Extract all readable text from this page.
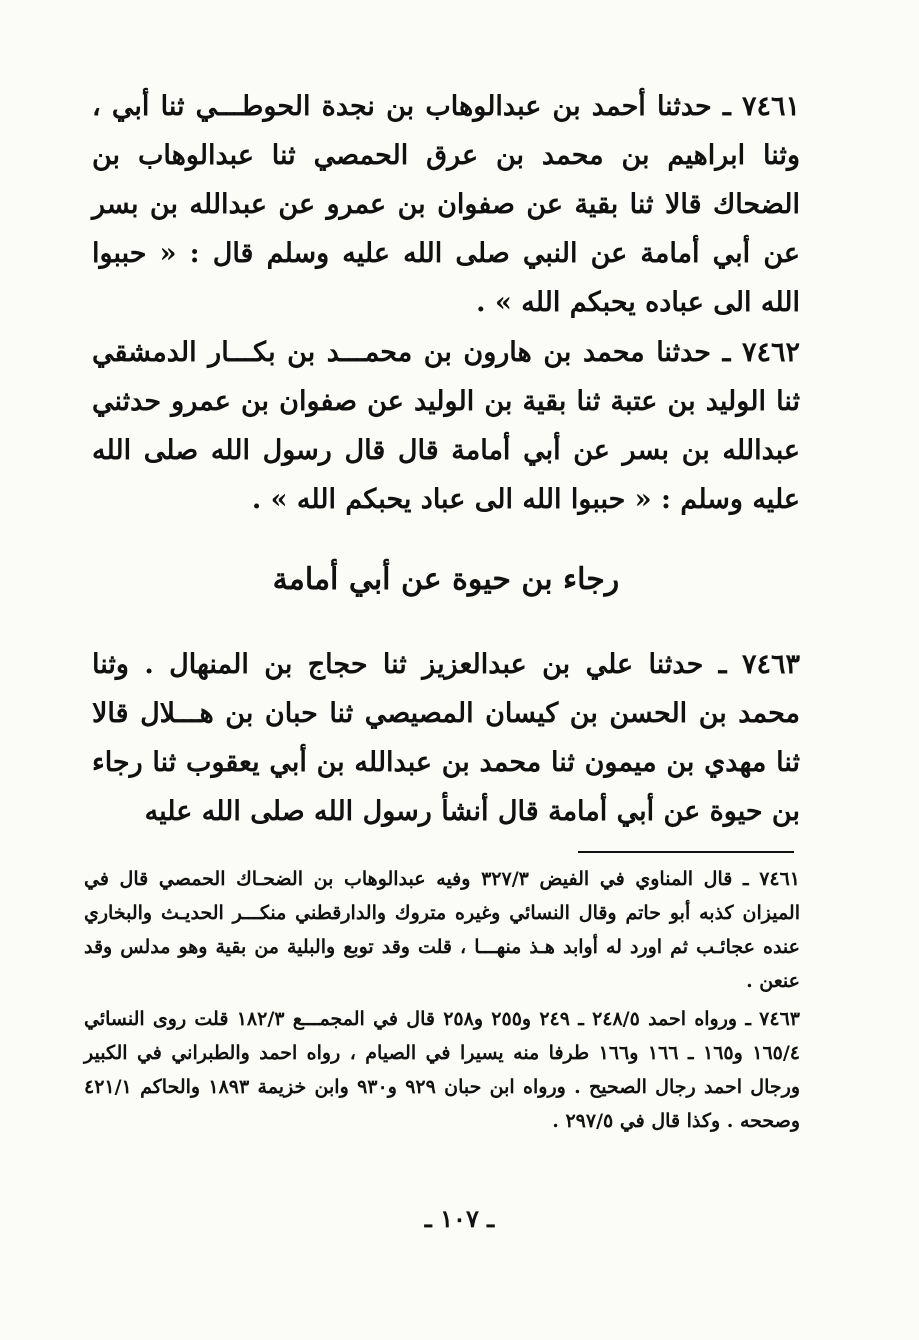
٧٤٦١ ـ حدثنا أحمد بن عبدالوهاب بن نجدة الحوطـــي ثنا أبي ، وثنا ابراهيم بن محمد بن عرق الحمصي ثنا عبدالوهاب بن الضحاك قالا ثنا بقية عن صفوان بن عمرو عن عبدالله بن بسر عن أبي أمامة عن النبي صلى الله عليه وسلم قال : « حببوا الله الى عباده يحبكم الله » .

٧٤٦٢ ـ حدثنا محمد بن هارون بن محمـــد بن بكـــار الدمشقي ثنا الوليد بن عتبة ثنا بقية بن الوليد عن صفوان بن عمرو حدثني عبدالله بن بسر عن أبي أمامة قال قال رسول الله صلى الله عليه وسلم : « حببوا الله الى عباد يحبكم الله » .

رجاء بن حيوة عن أبي أمامة

٧٤٦٣ ـ حدثنا علي بن عبدالعزيز ثنا حجاج بن المنهال . وثنا محمد بن الحسن بن كيسان المصيصي ثنا حبان بن هـــلال قالا ثنا مهدي بن ميمون ثنا محمد بن عبدالله بن أبي يعقوب ثنا رجاء بن حيوة عن أبي أمامة قال أنشأ رسول الله صلى الله عليه

٧٤٦١ ـ قال المناوي في الفيض ٣٢٧/٣ وفيه عبدالوهاب بن الضحـاك الحمصي قال في الميزان كذبه أبو حاتم وقال النسائي وغيره متروك والدارقطني منكـــر الحديـث والبخاري عنده عجائـب ثم اورد له أوابد هـذ منهـــا ، قلت وقد توبع والبلية من بقية وهو مدلس وقد عنعن .

٧٤٦٣ ـ ورواه احمد ٢٤٨/٥ ـ ٢٤٩ و٢٥٥ و٢٥٨ قال في المجمـــع ١٨٢/٣ قلت روى النسائي ١٦٥/٤ و١٦٥ ـ ١٦٦ و١٦٦ طرفا منه يسيرا في الصيام ، رواه احمد والطبراني في الكبير ورجال احمد رجال الصحيح . ورواه ابن حبان ٩٢٩ و٩٣٠ وابن خزيمة ١٨٩٣ والحاكم ٤٢١/١ وصححه . وكذا قال في ٢٩٧/٥ .

ـ ١٠٧ ـ
